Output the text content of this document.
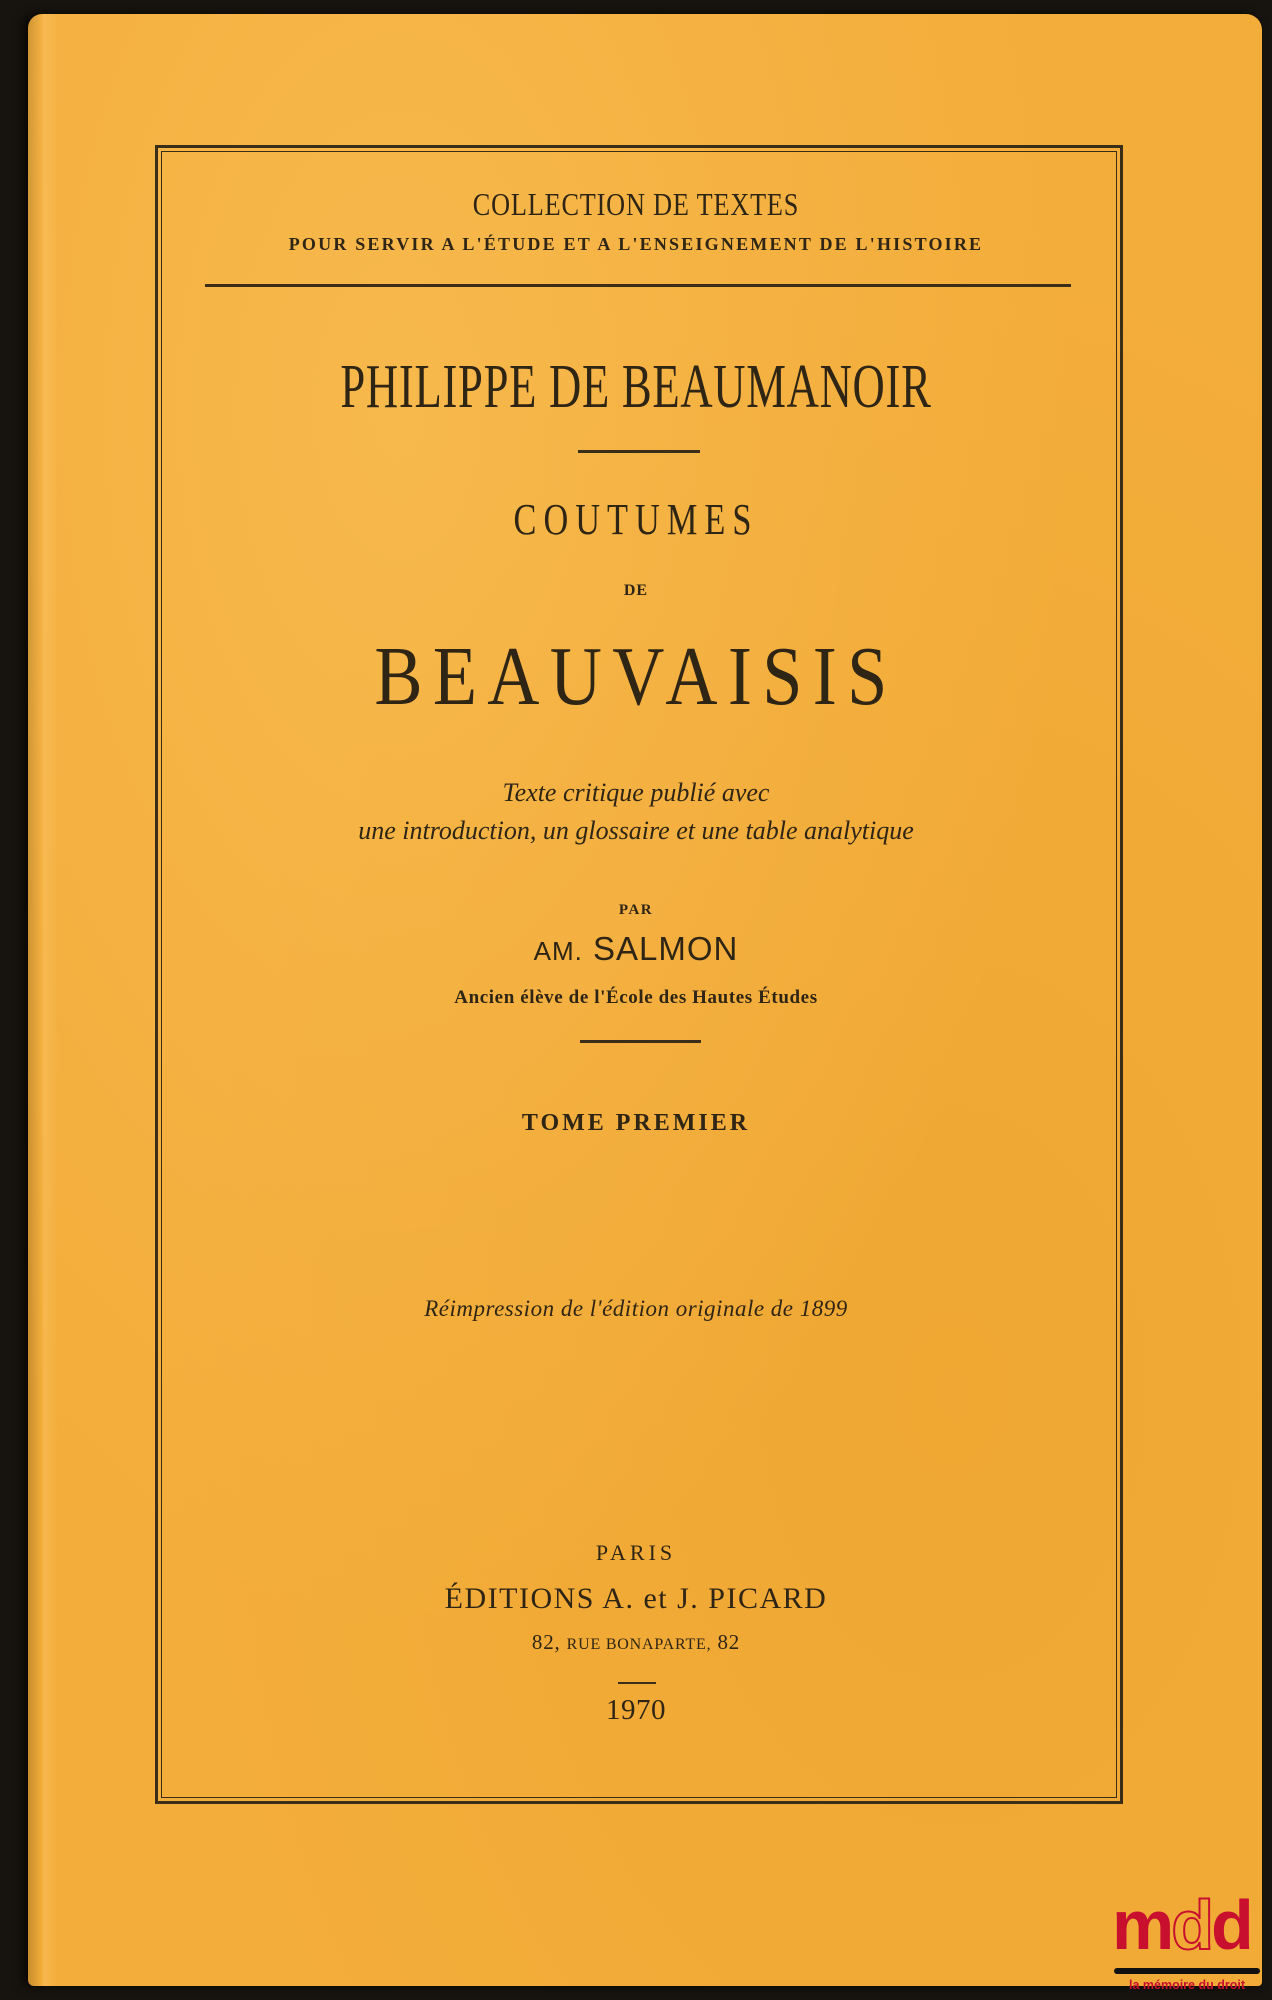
COLLECTION DE TEXTES
POUR SERVIR A L'ÉTUDE ET A L'ENSEIGNEMENT DE L'HISTOIRE
PHILIPPE DE BEAUMANOIR
COUTUMES
DE
BEAUVAISIS
Texte critique publié avec
une introduction, un glossaire et une table analytique
PAR
AM. SALMON
Ancien élève de l'École des Hautes Études
TOME PREMIER
Réimpression de l'édition originale de 1899
PARIS
ÉDITIONS A. et J. PICARD
82, RUE BONAPARTE, 82
1970
mdd
la mémoire du droit
